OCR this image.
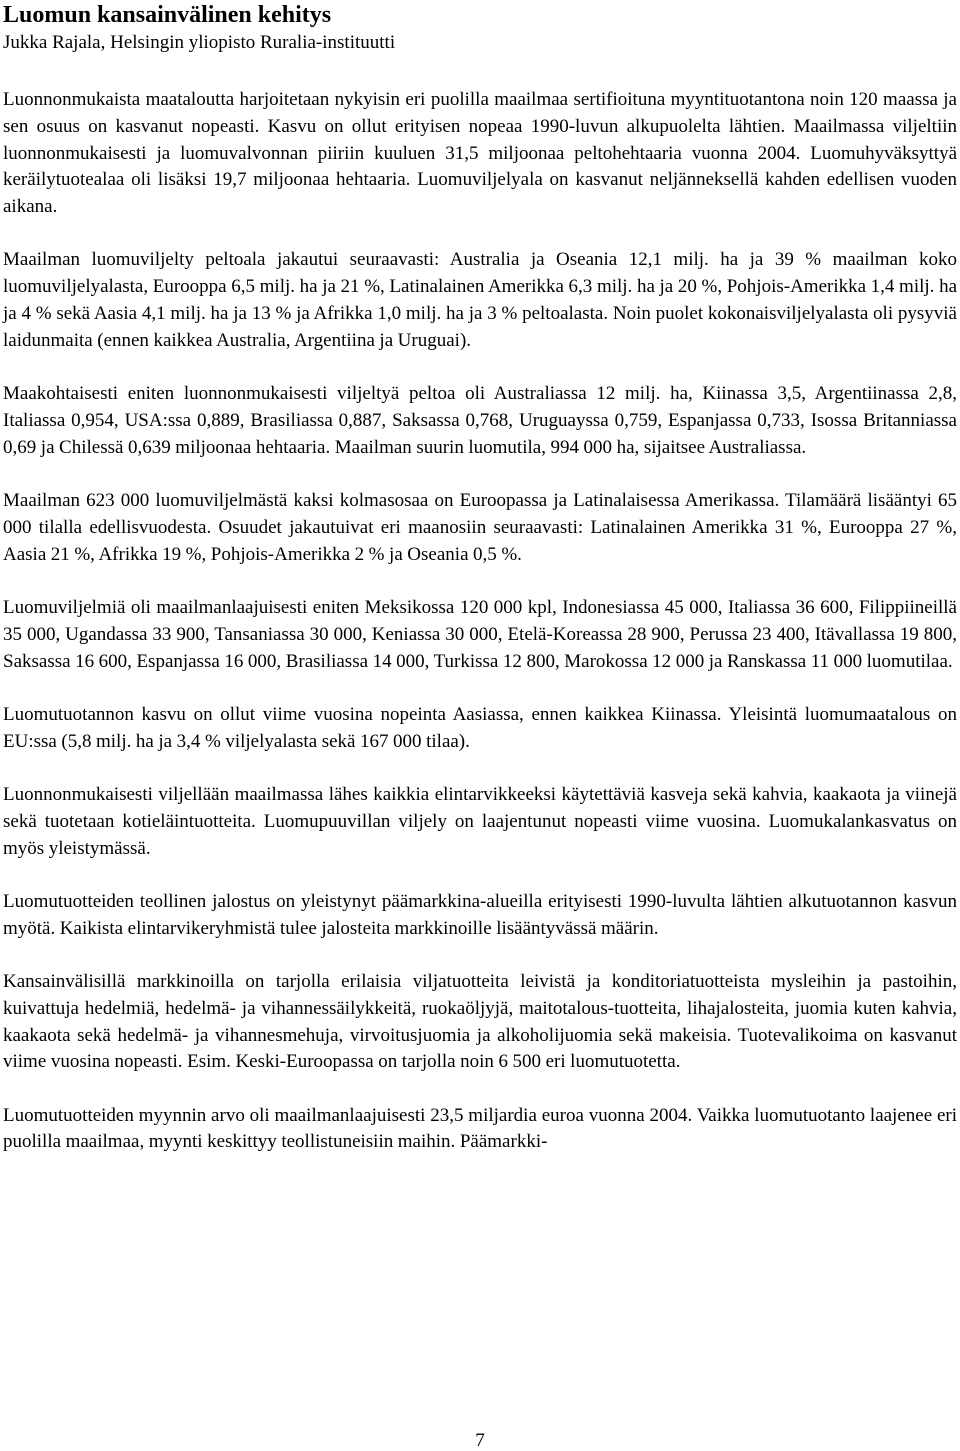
Luomun kansainvälinen kehitys

Jukka Rajala, Helsingin yliopisto Ruralia-instituutti

Luonnonmukaista maataloutta harjoitetaan nykyisin eri puolilla maailmaa sertifioituna myyntituotantona noin 120 maassa ja sen osuus on kasvanut nopeasti. Kasvu on ollut erityisen nopeaa 1990-luvun alkupuolelta lähtien. Maailmassa viljeltiin luonnonmukaisesti ja luomuvalvonnan piiriin kuuluen 31,5 miljoonaa peltohehtaaria vuonna 2004. Luomuhyväksyttyä keräilytuotealaa oli lisäksi 19,7 miljoonaa hehtaaria. Luomuviljelyala on kasvanut neljänneksellä kahden edellisen vuoden aikana.

Maailman luomuviljelty peltoala jakautui seuraavasti: Australia ja Oseania 12,1 milj. ha ja 39 % maailman koko luomuviljelyalasta, Eurooppa 6,5 milj. ha ja 21 %, Latinalainen Amerikka 6,3 milj. ha ja 20 %, Pohjois-Amerikka 1,4 milj. ha ja 4 % sekä Aasia 4,1 milj. ha ja 13 % ja Afrikka 1,0 milj. ha ja 3 % peltoalasta. Noin puolet kokonaisviljelyalasta oli pysyviä laidunmaita (ennen kaikkea Australia, Argentiina ja Uruguai).

Maakohtaisesti eniten luonnonmukaisesti viljeltyä peltoa oli Australiassa 12 milj. ha, Kiinassa 3,5, Argentiinassa 2,8, Italiassa 0,954, USA:ssa 0,889, Brasiliassa 0,887, Saksassa 0,768, Uruguayssa 0,759, Espanjassa 0,733, Isossa Britanniassa 0,69 ja Chilessä 0,639 miljoonaa hehtaaria. Maailman suurin luomutila, 994 000 ha, sijaitsee Australiassa.

Maailman 623 000 luomuviljelmästä kaksi kolmasosaa on Euroopassa ja Latinalaisessa Amerikassa. Tilamäärä lisääntyi 65 000 tilalla edellisvuodesta. Osuudet jakautuivat eri maanosiin seuraavasti: Latinalainen Amerikka 31 %, Eurooppa 27 %, Aasia 21 %, Afrikka 19 %, Pohjois-Amerikka 2 % ja Oseania 0,5 %.

Luomuviljelmiä oli maailmanlaajuisesti eniten Meksikossa 120 000 kpl, Indonesiassa 45 000, Italiassa 36 600, Filippiineillä 35 000, Ugandassa 33 900, Tansaniassa 30 000, Keniassa 30 000, Etelä-Koreassa 28 900, Perussa 23 400, Itävallassa 19 800, Saksassa 16 600, Espanjassa 16 000, Brasiliassa 14 000, Turkissa 12 800, Marokossa 12 000 ja Ranskassa 11 000 luomutilaa.

Luomutuotannon kasvu on ollut viime vuosina nopeinta Aasiassa, ennen kaikkea Kiinassa. Yleisintä luomumaatalous on EU:ssa (5,8 milj. ha ja 3,4 % viljelyalasta sekä 167 000 tilaa).

Luonnonmukaisesti viljellään maailmassa lähes kaikkia elintarvikkeeksi käytettäviä kasveja sekä kahvia, kaakaota ja viinejä sekä tuotetaan kotieläintuotteita. Luomupuuvillan viljely on laajentunut nopeasti viime vuosina. Luomukalankasvatus on myös yleistymässä.

Luomutuotteiden teollinen jalostus on yleistynyt päämarkkina-alueilla erityisesti 1990-luvulta lähtien alkutuotannon kasvun myötä. Kaikista elintarvikeryhmistä tulee jalosteita markkinoille lisääntyvässä määrin.

Kansainvälisillä markkinoilla on tarjolla erilaisia viljatuotteita leivistä ja konditoriatuotteista mysleihin ja pastoihin, kuivattuja hedelmiä, hedelmä- ja vihannessäilykkeitä, ruokaöljyjä, maitotalous-tuotteita, lihajalosteita, juomia kuten kahvia, kaakaota sekä hedelmä- ja vihannesmehuja, virvoitusjuomia ja alkoholijuomia sekä makeisia. Tuotevalikoima on kasvanut viime vuosina nopeasti. Esim. Keski-Euroopassa on tarjolla noin 6 500 eri luomutuotetta.

Luomutuotteiden myynnin arvo oli maailmanlaajuisesti 23,5 miljardia euroa vuonna 2004. Vaikka luomutuotanto laajenee eri puolilla maailmaa, myynti keskittyy teollistuneisiin maihin. Päämarkki-

7
